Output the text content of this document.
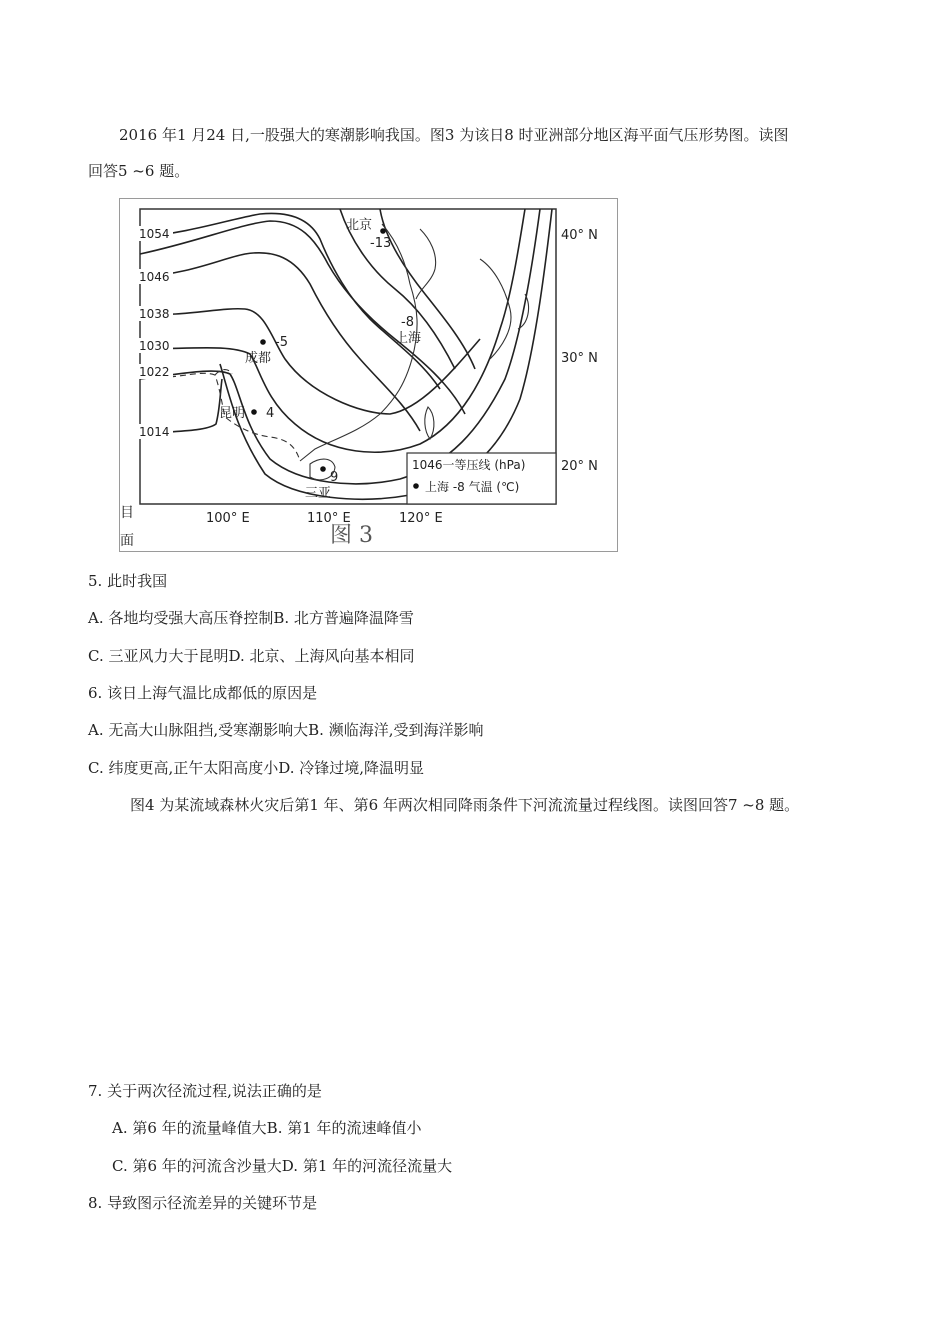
2016 年1 月24 日,一股强大的寒潮影响我国。图3 为该日8 时亚洲部分地区海平面气压形势图。读图
回答5 ~6 题。
1054
1046
1038
1030
1022
1014
北京
-13
-8
上海
-5
成都
昆明 4
9
三亚
1046一等压线 (hPa)
上海 -8 气温 (℃)
40° N
30° N
20° N
100° E	110° E	120° E
目
面	图 3
5. 此时我国
A. 各地均受强大高压脊控制B. 北方普遍降温降雪
C. 三亚风力大于昆明D. 北京、上海风向基本相同
6. 该日上海气温比成都低的原因是
A. 无高大山脉阻挡,受寒潮影响大B. 濒临海洋,受到海洋影响
C. 纬度更高,正午太阳高度小D. 冷锋过境,降温明显
图4 为某流域森林火灾后第1 年、第6 年两次相同降雨条件下河流流量过程线图。读图回答7 ~8 题。
7. 关于两次径流过程,说法正确的是
A. 第6 年的流量峰值大B. 第1 年的流速峰值小
C. 第6 年的河流含沙量大D. 第1 年的河流径流量大
8. 导致图示径流差异的关键环节是
